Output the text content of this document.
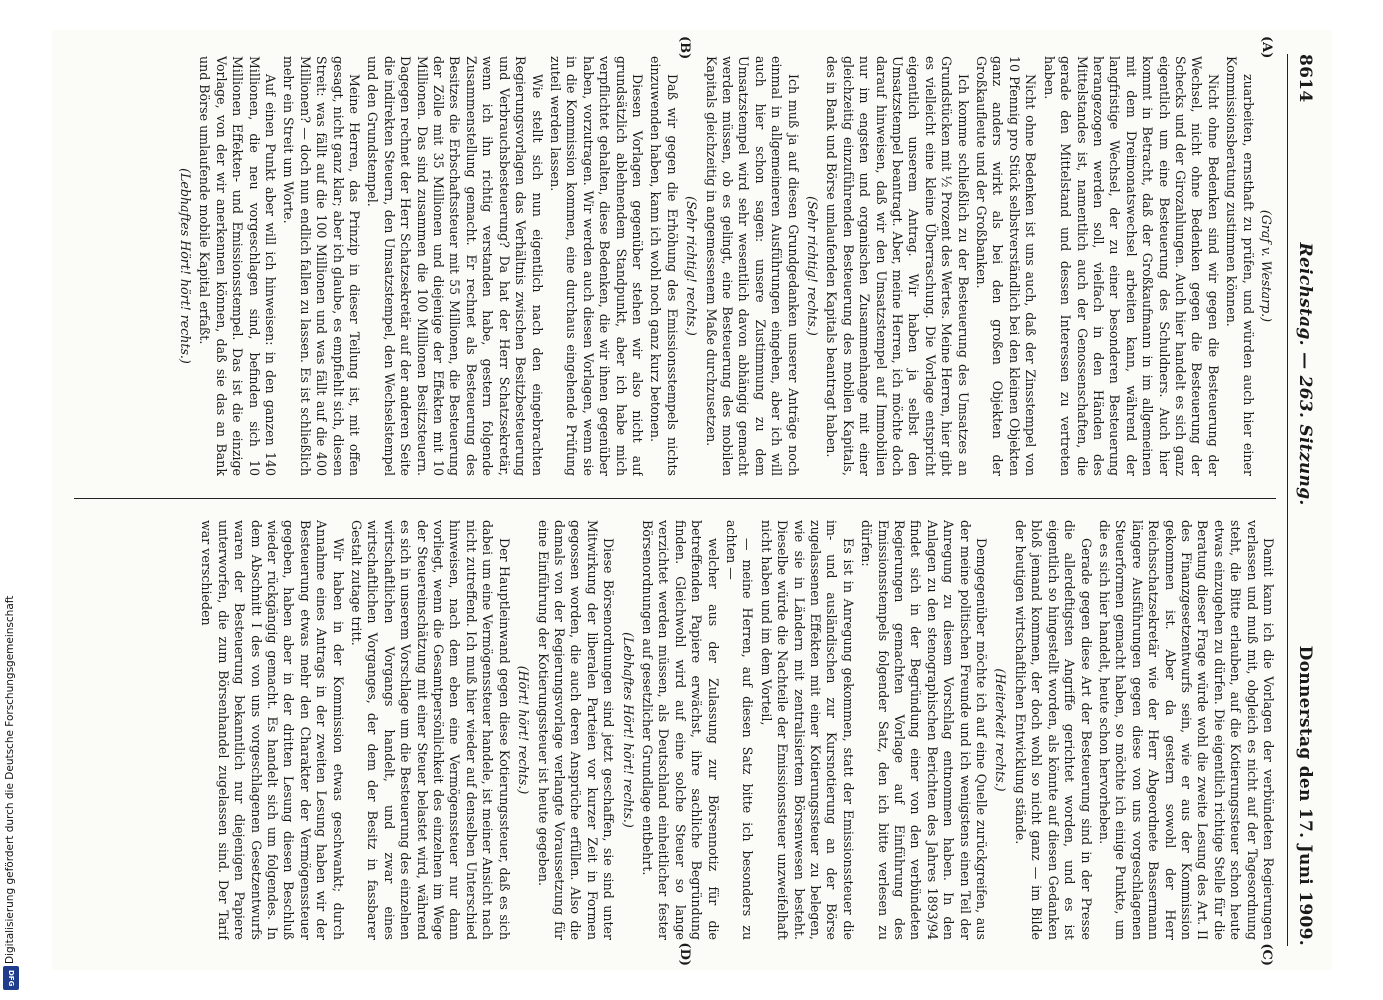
8614
Reichstag. — 263. Sitzung.
Donnerstag den 17. Juni 1909.
(A)
(B)
(C)
(D)
(Graf v. Westarp.)

zuarbeiten, ernsthaft zu prüfen, und würden auch hier einer Kommissionsberatung zustimmen können.

Nicht ohne Bedenken sind wir gegen die Besteuerung der Wechsel, nicht ohne Bedenken gegen die Besteuerung der Schecks und der Girozahlungen. Auch hier handelt es sich ganz eigentlich um eine Besteuerung des Schuldners. Auch hier kommt in Betracht, daß der Großkaufmann in im allgemeinen mit dem Dreimonatswechsel arbeiten kann, während der langfristige Wechsel, der zu einer besonderen Besteuerung herangezogen werden soll, vielfach in den Händen des Mittelstandes ist, namentlich auch der Genossenschaften, die gerade den Mittelstand und dessen Interessen zu vertreten haben.

Nicht ohne Bedenken ist uns auch, daß der Zinsstempel von 10 Pfennig pro Stück selbstverständlich bei den kleinen Objekten ganz anders wirkt als bei den großen Objekten der Großkaufleute und der Großbanken.

Ich komme schließlich zu der Besteuerung des Umsatzes an Grundstücken mit ½ Prozent des Wertes. Meine Herren, hier gibt es vielleicht eine kleine Überraschung. Die Vorlage entspricht eigentlich unserem Antrag. Wir haben ja selbst den Umsatzstempel beantragt. Aber, meine Herren, ich möchte doch darauf hinweisen, daß wir den Umsatzstempel auf Immobilien nur im engsten und organischen Zusammenhange mit einer gleichzeitig einzuführenden Besteuerung des mobilen Kapitals, des in Bank und Börse umlaufenden Kapitals beantragt haben.

(Sehr richtig! rechts.)

Ich muß ja auf diesen Grundgedanken unserer Anträge noch einmal in allgemeineren Ausführungen eingehen, aber ich will auch hier schon sagen: unsere Zustimmung zu dem Umsatzstempel wird sehr wesentlich davon abhängig gemacht werden müssen, ob es gelingt, eine Besteuerung des mobilen Kapitals gleichzeitig in angemessenem Maße durchzusetzen.

(Sehr richtig! rechts.)

Daß wir gegen die Erhöhung des Emissionsstempels nichts einzuwenden haben, kann ich wohl noch ganz kurz betonen.

Diesen Vorlagen gegenüber stehen wir also nicht auf grundsätzlich ablehnendem Standpunkt, aber ich habe mich verpflichtet gehalten, diese Bedenken, die wir ihnen gegenüber haben, vorzutragen. Wir werden auch diesen Vorlagen, wenn sie in die Kommission kommen, eine durchaus eingehende Prüfung zuteil werden lassen.

Wie stellt sich nun eigentlich nach den eingebrachten Regierungsvorlagen das Verhältnis zwischen Besitzbesteuerung und Verbrauchsbesteuerung? Da hat der Herr Schatzsekretär, wenn ich ihn richtig verstanden habe, gestern folgende Zusammenstellung gemacht. Er rechnet als Besteuerung des Besitzes die Erbschaftssteuer mit 55 Millionen, die Besteuerung der Zölle mit 35 Millionen und diejenige der Effekten mit 10 Millionen. Das sind zusammen die 100 Millionen Besitzsteuern. Dagegen rechnet der Herr Schatzsekretär auf der anderen Seite die indirekten Steuern, den Umsatzstempel, den Wechselstempel und den Grundstempel.

Meine Herren, das Prinzip in dieser Teilung ist, mit offen gesagt, nicht ganz klar; aber ich glaube, es empfiehlt sich, diesen Streit: was fällt auf die 100 Millionen und was fällt auf die 400 Millionen? — doch nun endlich fallen zu lassen. Es ist schließlich mehr ein Streit um Worte.

Auf einen Punkt aber will ich hinweisen: in den ganzen 140 Millionen, die neu vorgeschlagen sind, befinden sich 10 Millionen Effekten- und Emissionsstempel. Das ist die einzige Vorlage, von der wir anerkennen können, daß sie das an Bank und Börse umlaufende mobile Kapital erfaßt.

(Lebhaftes Hört! hört! rechts.)

Damit kann ich die Vorlagen der verbündeten Regierungen verlassen und muß mit, obgleich es nicht auf der Tagesordnung steht, die Bitte erlauben, auf die Kotierungssteuer schon heute etwas einzugehen zu dürfen. Die eigentlich richtige Stelle für die Beratung dieser Frage würde wohl die zweite Lesung des Art. II des Finanzgesetzentwurfs sein, wie er aus der Kommission gekommen ist. Aber da gestern sowohl der Herr Reichsschatzsekretär wie der Herr Abgeordnete Bassermann längere Ausführungen gegen diese von uns vorgeschlagenen Steuerformen gemacht haben, so möchte ich einige Punkte, um die es sich hier handelt, heute schon hervorheben.

Gerade gegen diese Art der Besteuerung sind in der Presse die allerdeftigsten Angriffe gerichtet worden, und es ist eigentlich so hingestellt worden, als könnte auf diesen Gedanken bloß jemand kommen, der doch wohl so nicht ganz — im Bilde der heutigen wirtschaftlichen Entwicklung stände.

(Heiterkeit rechts.)

Demgegenüber möchte ich auf eine Quelle zurückgreifen, aus der meine politischen Freunde und ich wenigstens einen Teil der Anregung zu diesem Vorschlag entnommen haben. In den Anlagen zu den stenographischen Berichten des Jahres 1893/94 findet sich in der Begründung einer von den verbündeten Regierungen gemachten Vorlage auf Einführung des Emissionsstempels folgender Satz, den ich bitte verlesen zu dürfen:

Es ist in Anregung gekommen, statt der Emissionssteuer die im- und ausländischen zur Kursnotierung an der Börse zugelassenen Effekten mit einer Kotierungssteuer zu belegen, wie sie in Ländern mit zentralisiertem Börsenwesen besteht. Dieselbe würde die Nachteile der Emissionssteuer unzweifelhaft nicht haben und im dem Vorteil,

— meine Herren, auf diesen Satz bitte ich besonders zu achten —

welcher aus der Zulassung zur Börsennotiz für die betreffenden Papiere erwächst, ihre sachliche Begründung finden. Gleichwohl wird auf eine solche Steuer so lange verzichtet werden müssen, als Deutschland einheitlicher fester Börsenordnungen auf gesetzlicher Grundlage entbehrt.

(Lebhaftes Hört! hört! rechts.)

Diese Börsenordnungen sind jetzt geschaffen, sie sind unter Mitwirkung der liberalen Parteien vor kurzer Zeit in Formen gegossen worden, die auch deren Ansprüche erfüllen. Also die damals von der Regierungsvorlage verlangte Voraussetzung für eine Einführung der Kotierungssteuer ist heute gegeben.

(Hört! hört! rechts.)

Der Hauptleinwand gegen diese Kotierungssteuer, daß es sich dabei um eine Vermögenssteuer handele, ist meiner Ansicht nach nicht zutreffend. Ich muß hier wieder auf denselben Unterschied hinweisen, nach dem eben eine Vermögenssteuer nur dann vorliegt, wenn die Gesamtpersönlichkeit des einzelnen im Wege der Steuereinschätzung mit einer Steuer belastet wird, während es sich in unserem Vorschlage um die Besteuerung des einzelnen wirtschaftlichen Vorgangs handelt, und zwar eines wirtschaftlichen Vorganges, der dem der Besitz in fassbarer Gestalt zutage tritt.

Wir haben in der Kommission etwas geschwankt; durch Annahme eines Antrags in der zweiten Lesung haben wir der Besteuerung etwas mehr den Charakter der Vermögenssteuer gegeben, haben aber in der dritten Lesung diesen Beschluß wieder rückgängig gemacht. Es handelt sich um folgendes. In dem Abschnitt I des von uns vorgeschlagenen Gesetzentwurfs waren der Besteuerung bekanntlich nur diejenigen Papiere unterworfen, die zum Börsenhandel zugelassen sind. Der Tarif war verschieden

Digitalisierung gefördert durch die Deutsche Forschungsgemeinschaft
DFG
